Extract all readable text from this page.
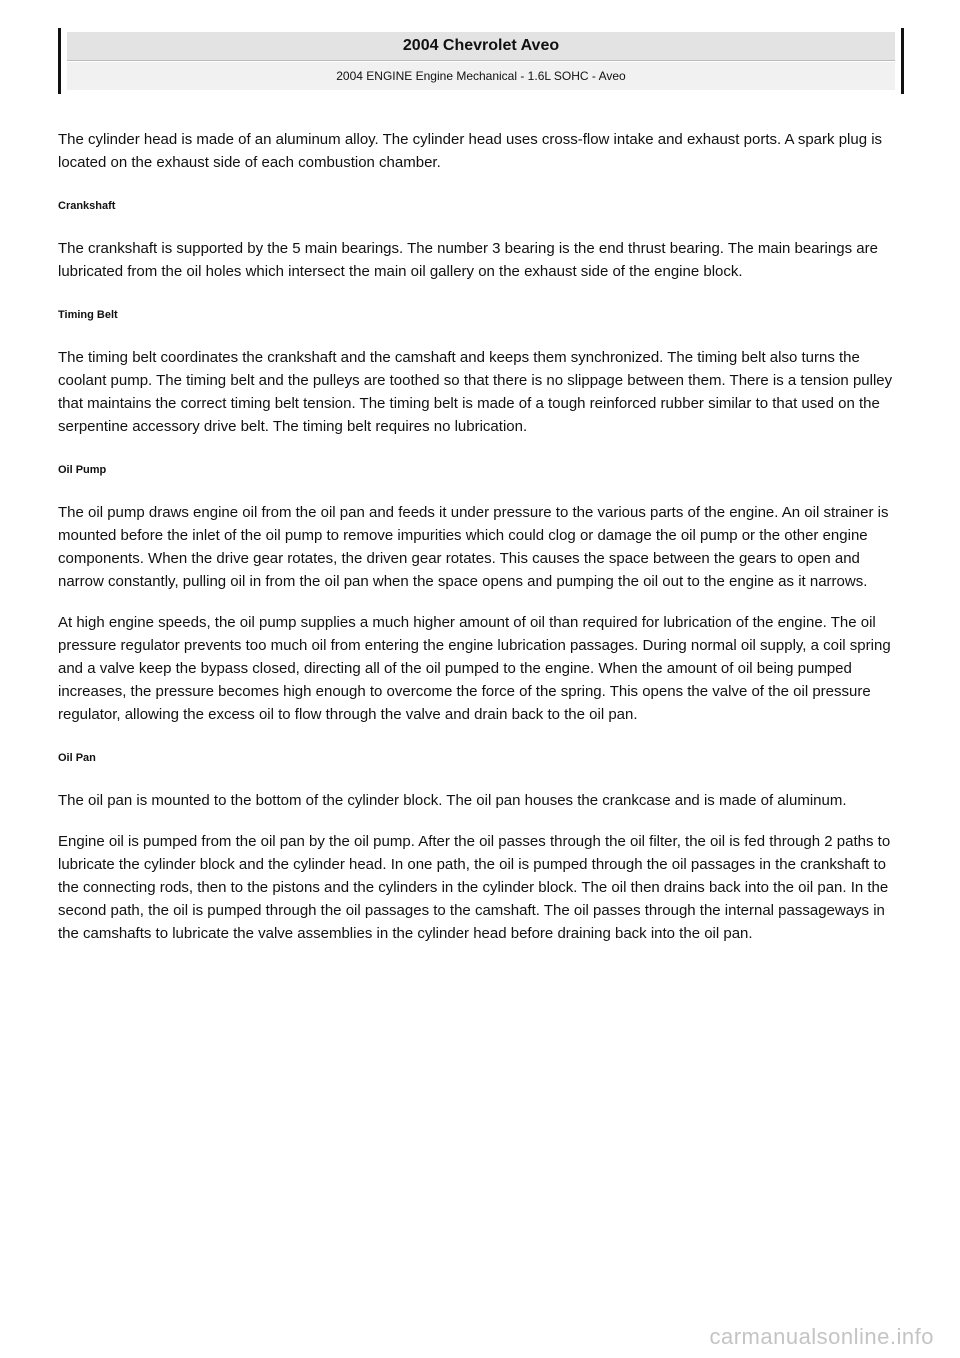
2004 Chevrolet Aveo
2004 ENGINE Engine Mechanical - 1.6L SOHC - Aveo

The cylinder head is made of an aluminum alloy. The cylinder head uses cross-flow intake and exhaust ports. A spark plug is located on the exhaust side of each combustion chamber.

Crankshaft

The crankshaft is supported by the 5 main bearings. The number 3 bearing is the end thrust bearing. The main bearings are lubricated from the oil holes which intersect the main oil gallery on the exhaust side of the engine block.

Timing Belt

The timing belt coordinates the crankshaft and the camshaft and keeps them synchronized. The timing belt also turns the coolant pump. The timing belt and the pulleys are toothed so that there is no slippage between them. There is a tension pulley that maintains the correct timing belt tension. The timing belt is made of a tough reinforced rubber similar to that used on the serpentine accessory drive belt. The timing belt requires no lubrication.

Oil Pump

The oil pump draws engine oil from the oil pan and feeds it under pressure to the various parts of the engine. An oil strainer is mounted before the inlet of the oil pump to remove impurities which could clog or damage the oil pump or the other engine components. When the drive gear rotates, the driven gear rotates. This causes the space between the gears to open and narrow constantly, pulling oil in from the oil pan when the space opens and pumping the oil out to the engine as it narrows.

At high engine speeds, the oil pump supplies a much higher amount of oil than required for lubrication of the engine. The oil pressure regulator prevents too much oil from entering the engine lubrication passages. During normal oil supply, a coil spring and a valve keep the bypass closed, directing all of the oil pumped to the engine. When the amount of oil being pumped increases, the pressure becomes high enough to overcome the force of the spring. This opens the valve of the oil pressure regulator, allowing the excess oil to flow through the valve and drain back to the oil pan.

Oil Pan

The oil pan is mounted to the bottom of the cylinder block. The oil pan houses the crankcase and is made of aluminum.

Engine oil is pumped from the oil pan by the oil pump. After the oil passes through the oil filter, the oil is fed through 2 paths to lubricate the cylinder block and the cylinder head. In one path, the oil is pumped through the oil passages in the crankshaft to the connecting rods, then to the pistons and the cylinders in the cylinder block. The oil then drains back into the oil pan. In the second path, the oil is pumped through the oil passages to the camshaft. The oil passes through the internal passageways in the camshafts to lubricate the valve assemblies in the cylinder head before draining back into the oil pan.

carmanualsonline.info
